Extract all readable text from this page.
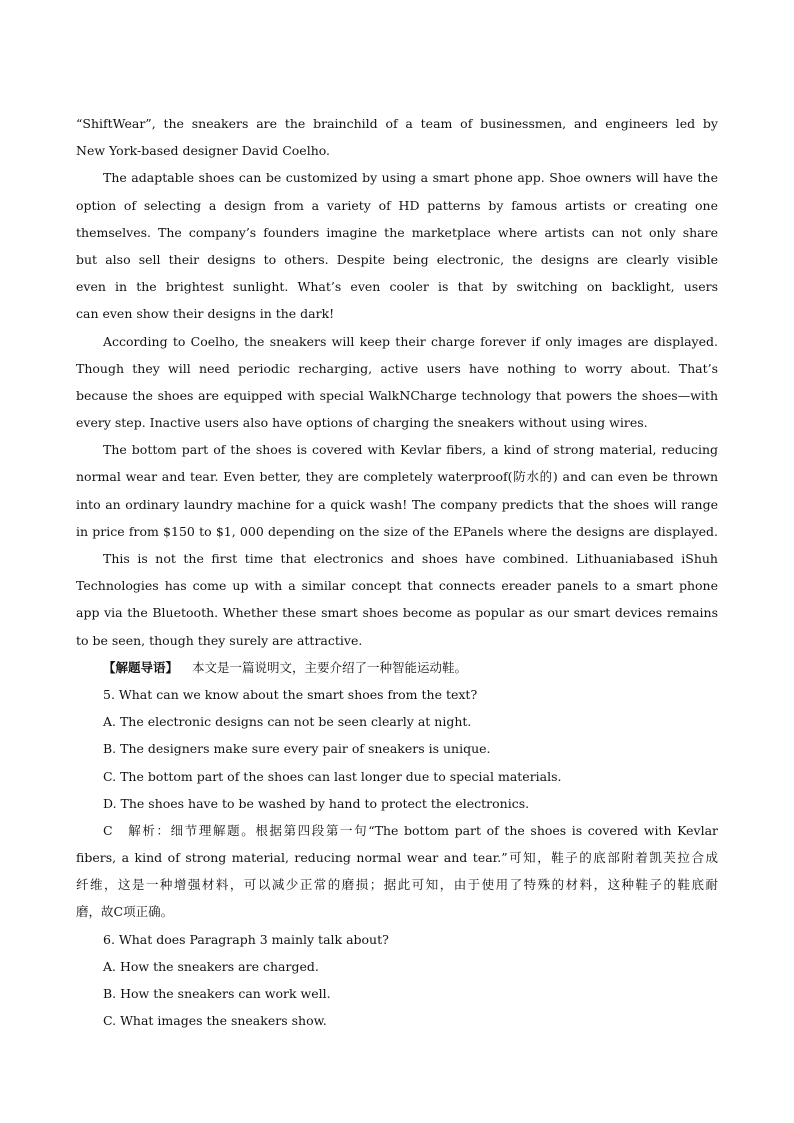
“ShiftWear”, the sneakers are the brainchild of a team of businessmen, and engineers led by
New York-based designer David Coelho.
The adaptable shoes can be customized by using a smart phone app. Shoe owners will have the
option of selecting a design from a variety of HD patterns by famous artists or creating one
themselves. The company’s founders imagine the marketplace where artists can not only share
but also sell their designs to others. Despite being electronic, the designs are clearly visible
even in the brightest sunlight. What’s even cooler is that by switching on backlight, users
can even show their designs in the dark!
According to Coelho, the sneakers will keep their charge forever if only images are displayed.
Though they will need periodic recharging, active users have nothing to worry about. That’s
because the shoes are equipped with special WalkNCharge technology that powers the shoes—with
every step. Inactive users also have options of charging the sneakers without using wires.
The bottom part of the shoes is covered with Kevlar fibers, a kind of strong material, reducing
normal wear and tear. Even better, they are completely waterproof(防水的) and can even be thrown
into an ordinary laundry machine for a quick wash! The company predicts that the shoes will range
in price from $150 to $1, 000 depending on the size of the EPanels where the designs are displayed.
This is not the first time that electronics and shoes have combined. Lithuaniabased iShuh
Technologies has come up with a similar concept that connects ereader panels to a smart phone
app via the Bluetooth. Whether these smart shoes become as popular as our smart devices remains
to be seen, though they surely are attractive.
【解题导语】 本文是一篇说明文，主要介绍了一种智能运动鞋。
5. What can we know about the smart shoes from the text?
A. The electronic designs can not be seen clearly at night.
B. The designers make sure every pair of sneakers is unique.
C. The bottom part of the shoes can last longer due to special materials.
D. The shoes have to be washed by hand to protect the electronics.
C　解析：细节理解题。根据第四段第一句“The bottom part of the shoes is covered with Kevlar
fibers, a kind of strong material, reducing normal wear and tear.”可知，鞋子的底部附着凯芙拉合成
纤维，这是一种增强材料，可以减少正常的磨损；据此可知，由于使用了特殊的材料，这种鞋子的鞋底耐
磨，故C项正确。
6. What does Paragraph 3 mainly talk about?
A. How the sneakers are charged.
B. How the sneakers can work well.
C. What images the sneakers show.
